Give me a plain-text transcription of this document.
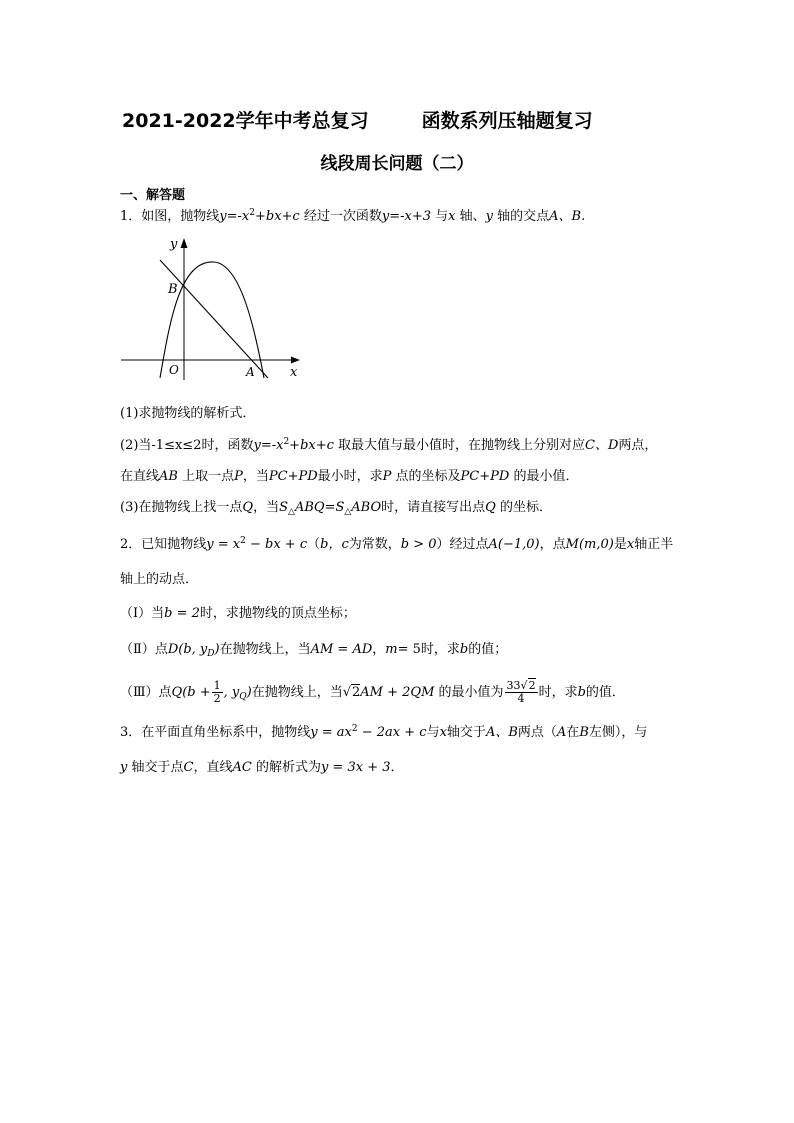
2021-2022学年中考总复习	函数系列压轴题复习
线段周长问题（二）
一、解答题
1．如图，抛物线$y=-x^2+bx+c$ 经过一次函数y=-x+3 与x 轴、y 轴的交点A、B.
y
x
B
O	A
(1)求抛物线的解析式．
(2)当-1≤x≤2时，函数$y=-x^2+bx+c$ 取最大值与最小值时，在抛物线上分别对应C、D两点，
在直线AB 上取一点P，当PC+PD最小时，求P 点的坐标及PC+PD 的最小值．
(3)在抛物线上找一点Q，当$S_\triangle ABQ=S_\triangle ABO$时，请直接写出点Q 的坐标．
2．已知抛物线$y = x^2$ − bx + c（b，c为常数，b > 0）经过点A(−1,0)，点M(m,0)是x轴正半
轴上的动点．
（Ⅰ）当b = 2时，求抛物线的顶点坐标；
（Ⅱ）点D(b, $y_D$)在抛物线上，当AM = AD，m= 5时，求b的值；
（Ⅲ）点$Q(b + \frac{1}{2}$ , $y_Q$)在抛物线上，当√2AM + 2QM 的最小值为 $\frac{33√2}{4}$ 时，求b的值．
3．在平面直角坐标系中，抛物线$y = ax^2 - 2ax + c$与x轴交于A、B两点（A在B左侧），与
y 轴交于点C，直线AC 的解析式为y = 3x + 3．
